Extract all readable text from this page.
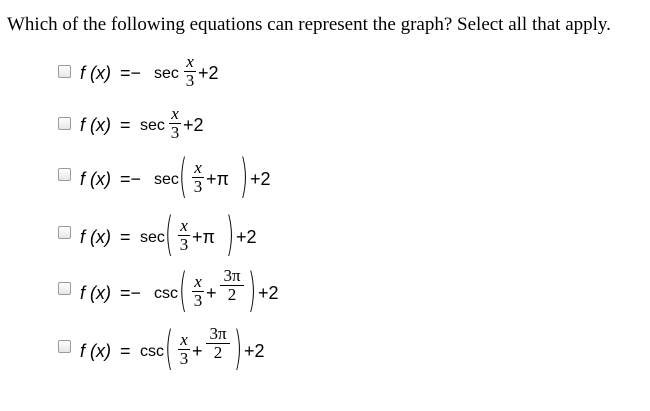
Which of the following equations can represent the graph? Select all that apply.
f $(x) =- \sec \frac{x}{3} +2$
f $(x) = \sec \frac{x}{3} +2$
f (x) =− sec ( $\frac{x}{3} +\pi$ ) +2
f (x) = sec ( $\frac{x}{3} +\pi$ ) +2
f (x) =− csc ( $\frac{x}{3} + \frac{3\pi}{2}$ ) +2
f (x) = csc ( $\frac{x}{3} + \frac{3\pi}{2}$ ) +2
